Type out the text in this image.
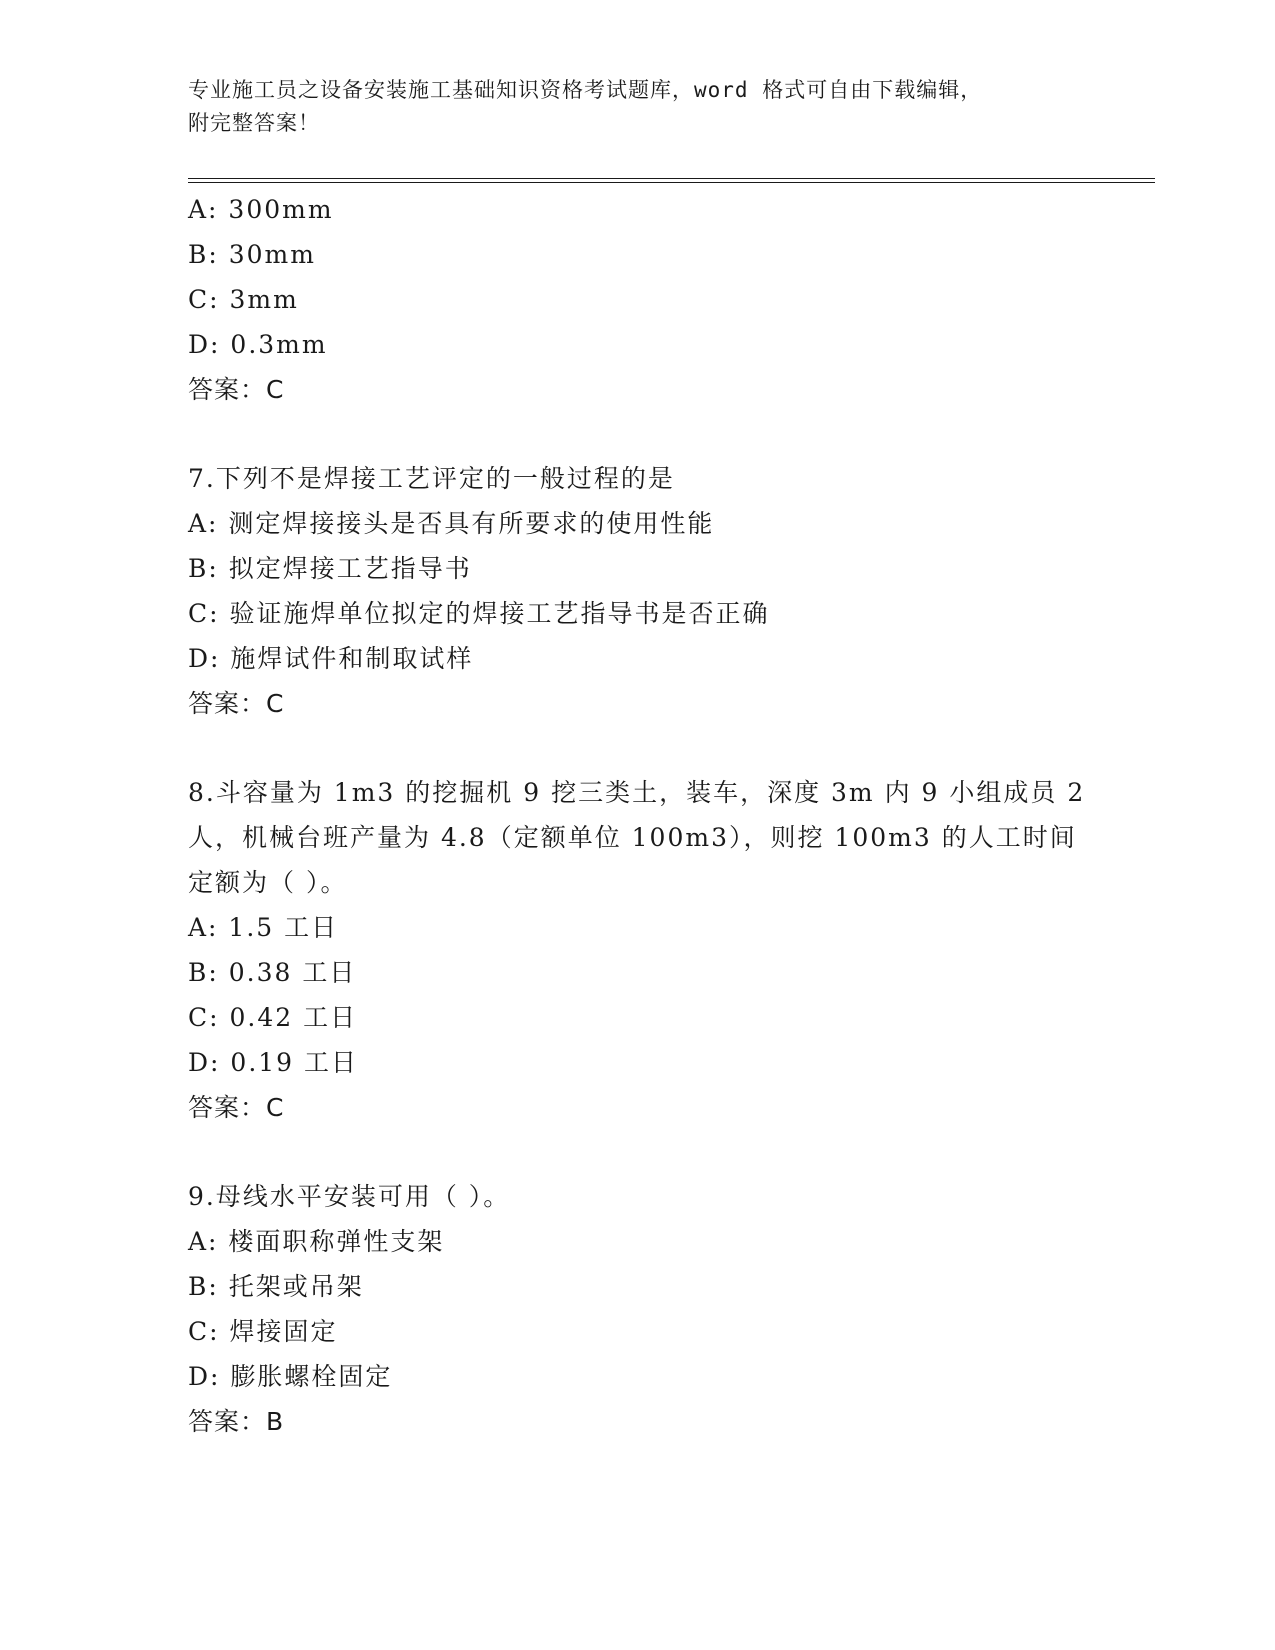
专业施工员之设备安装施工基础知识资格考试题库，word 格式可自由下载编辑，
附完整答案！
A: 300mm
B: 30mm
C: 3mm
D: 0.3mm
答案：C
7.下列不是焊接工艺评定的一般过程的是
A: 测定焊接接头是否具有所要求的使用性能
B: 拟定焊接工艺指导书
C: 验证施焊单位拟定的焊接工艺指导书是否正确
D: 施焊试件和制取试样
答案：C
8.斗容量为 1m3 的挖掘机 9 挖三类土，装车，深度 3m 内 9 小组成员 2
人，机械台班产量为 4.8（定额单位 100m3），则挖 100m3 的人工时间
定额为（ ）。
A: 1.5 工日
B: 0.38 工日
C: 0.42 工日
D: 0.19 工日
答案：C
9.母线水平安装可用（ ）。
A: 楼面职称弹性支架
B: 托架或吊架
C: 焊接固定
D: 膨胀螺栓固定
答案：B
